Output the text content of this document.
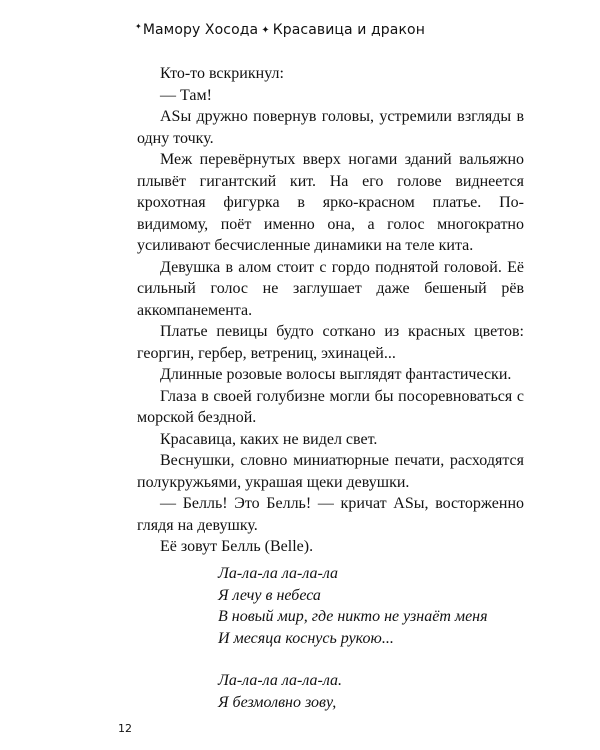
✦Мамору Хосода ✦ Красавица и дракон

Кто-то вскрикнул:

— Там!

ASы дружно повернув головы, устремили взгляды в одну точку.

Меж перевёрнутых вверх ногами зданий вальяжно плывёт гигантский кит. На его голове виднеется крохотная фигурка в ярко-красном платье. По-видимому, поёт именно она, а голос многократно усиливают бесчисленные динамики на теле кита.

Девушка в алом стоит с гордо поднятой головой. Её сильный голос не заглушает даже бешеный рёв аккомпанемента.

Платье певицы будто соткано из красных цветов: георгин, гербер, ветрениц, эхинацей...

Длинные розовые волосы выглядят фантастически.

Глаза в своей голубизне могли бы посоревноваться с морской бездной.

Красавица, каких не видел свет.

Веснушки, словно миниатюрные печати, расходятся полукружьями, украшая щеки девушки.

— Белль! Это Белль! — кричат ASы, восторженно глядя на девушку.

Её зовут Белль (Belle).

Ла-ла-ла ла-ла-ла
Я лечу в небеса
В новый мир, где никто не узнаёт меня
И месяца коснусь рукою...
Ла-ла-ла ла-ла-ла.
Я безмолвно зову,
12
